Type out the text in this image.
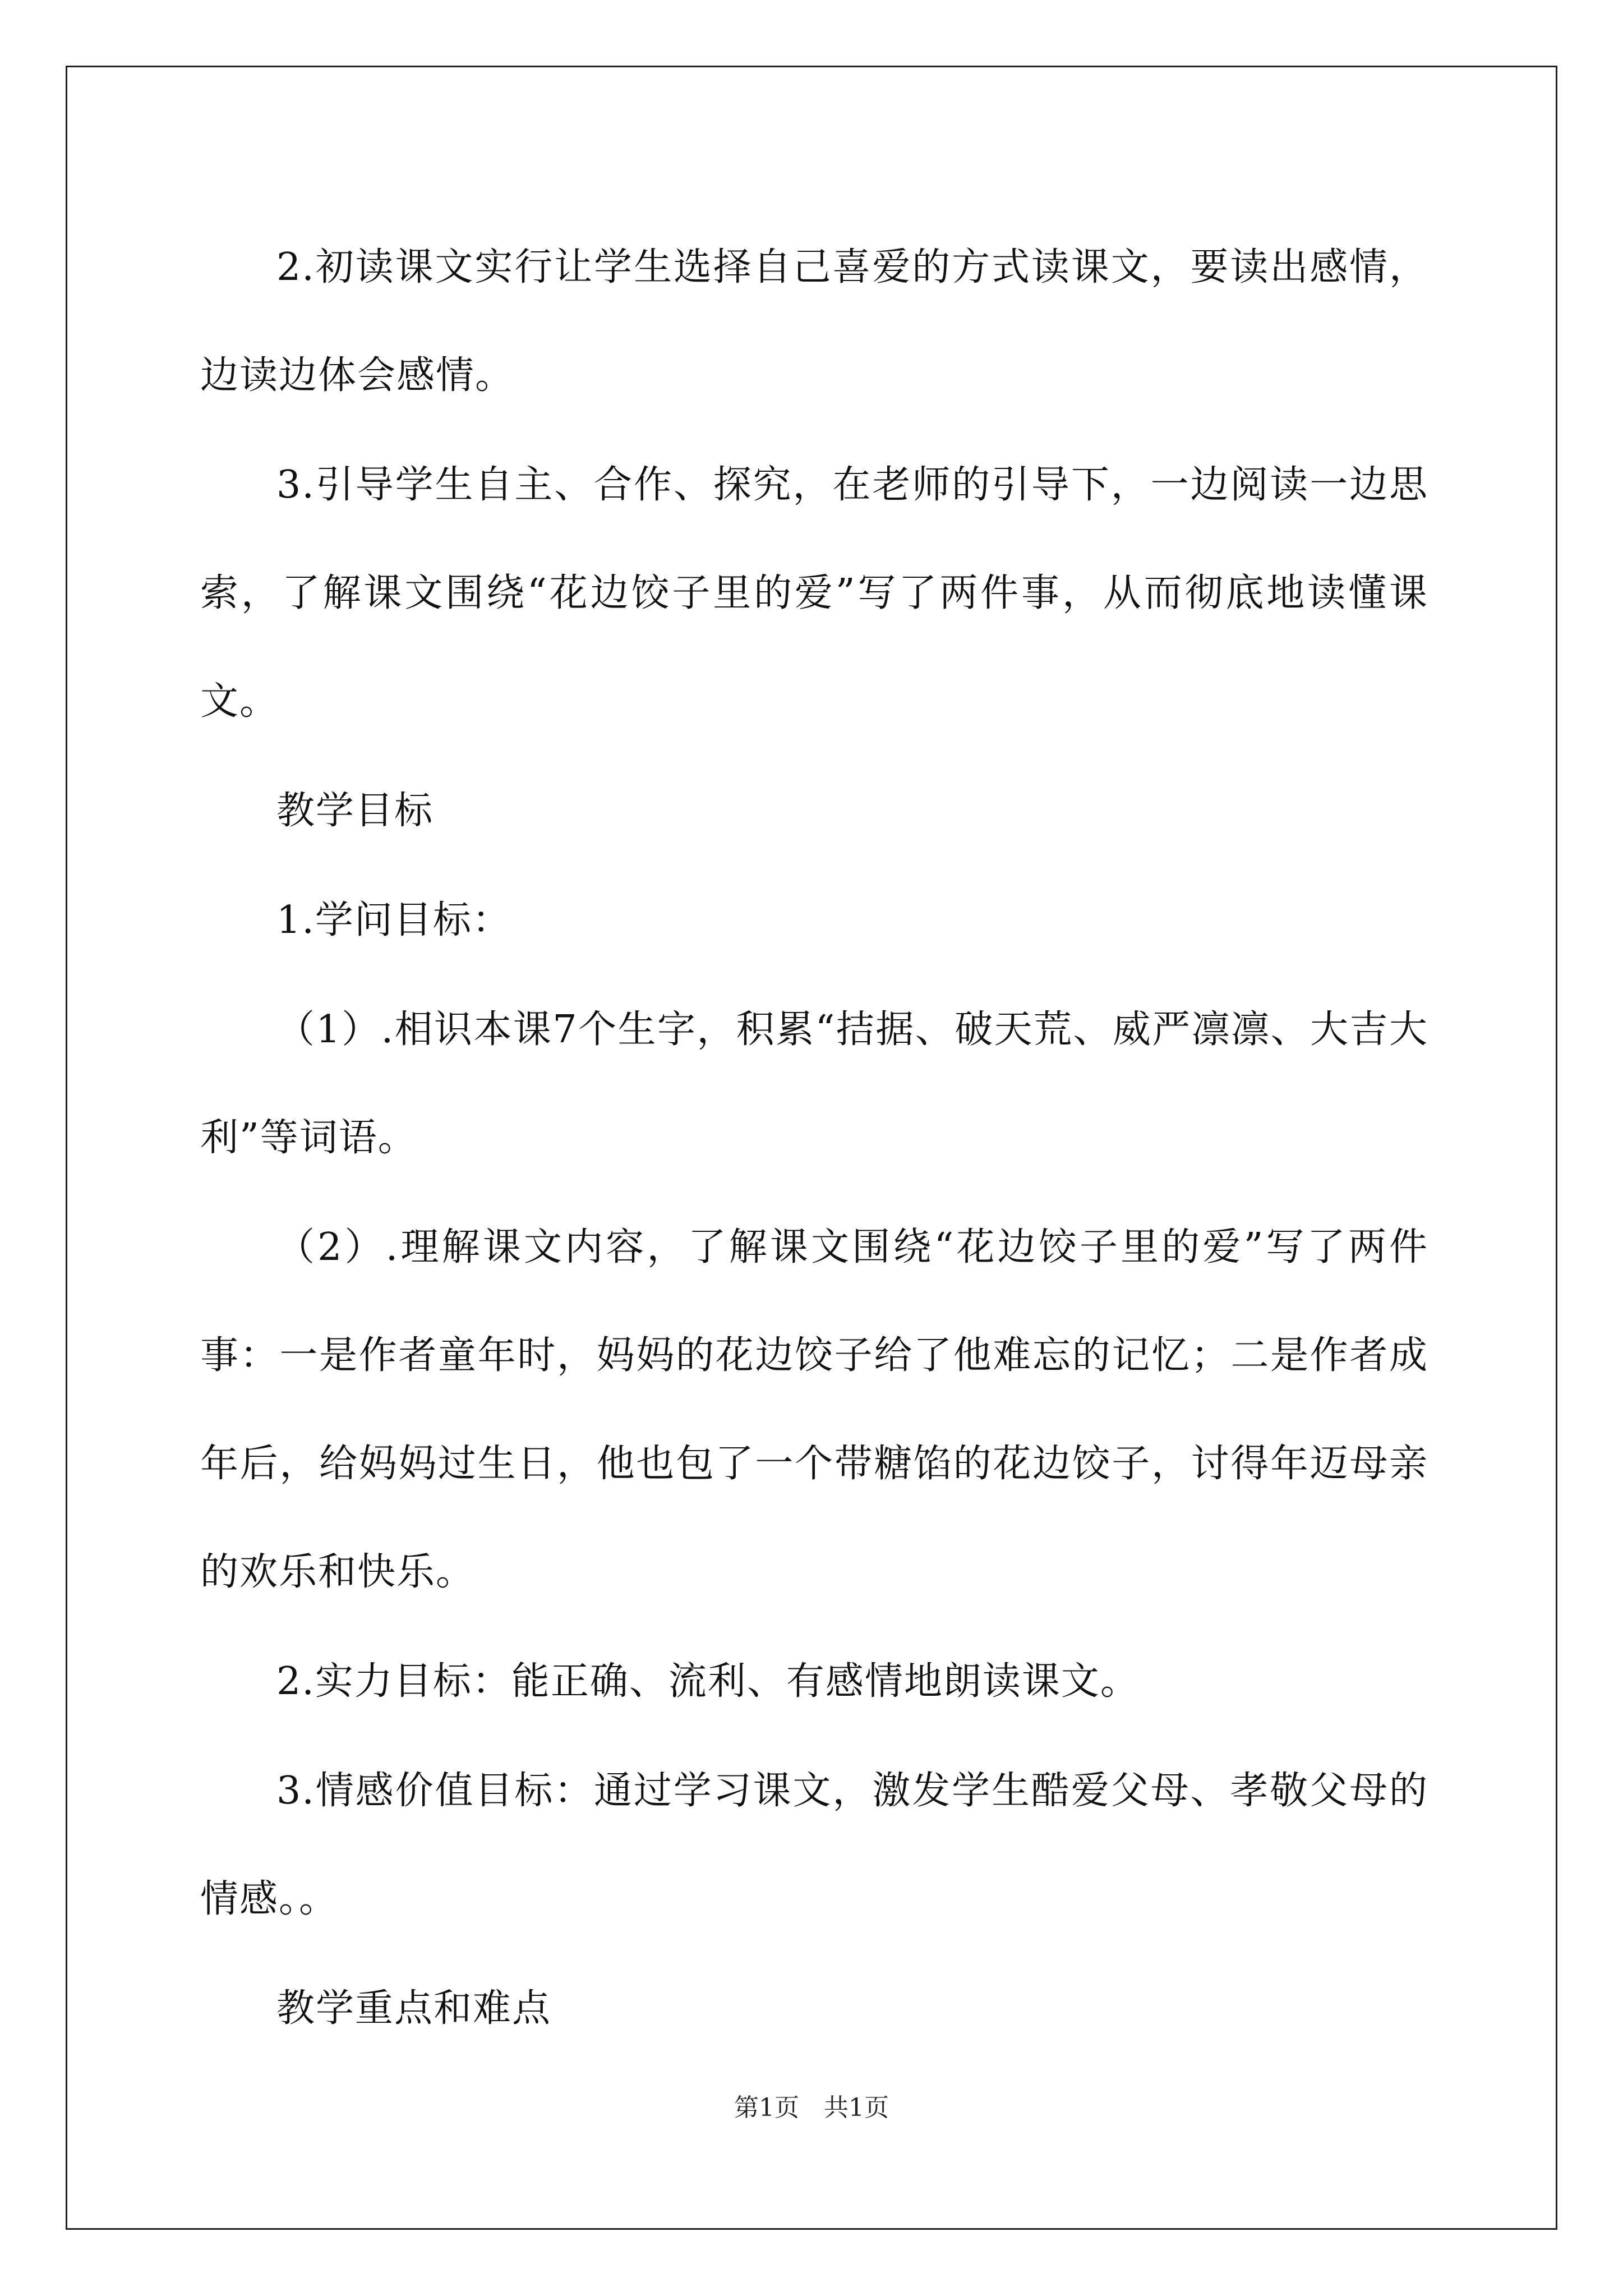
2.初读课文实行让学生选择自己喜爱的方式读课文，要读出感情，边读边体会感情。

3.引导学生自主、合作、探究，在老师的引导下，一边阅读一边思索，了解课文围绕“花边饺子里的爱”写了两件事，从而彻底地读懂课文。

教学目标

1.学问目标：

（1）.相识本课7个生字，积累“拮据、破天荒、威严凛凛、大吉大利”等词语。

（2）.理解课文内容，了解课文围绕“花边饺子里的爱”写了两件事：一是作者童年时，妈妈的花边饺子给了他难忘的记忆；二是作者成年后，给妈妈过生日，他也包了一个带糖馅的花边饺子，讨得年迈母亲的欢乐和快乐。

2.实力目标：能正确、流利、有感情地朗读课文。

3.情感价值目标：通过学习课文，激发学生酷爱父母、孝敬父母的情感。。

教学重点和难点

第1页　共1页
